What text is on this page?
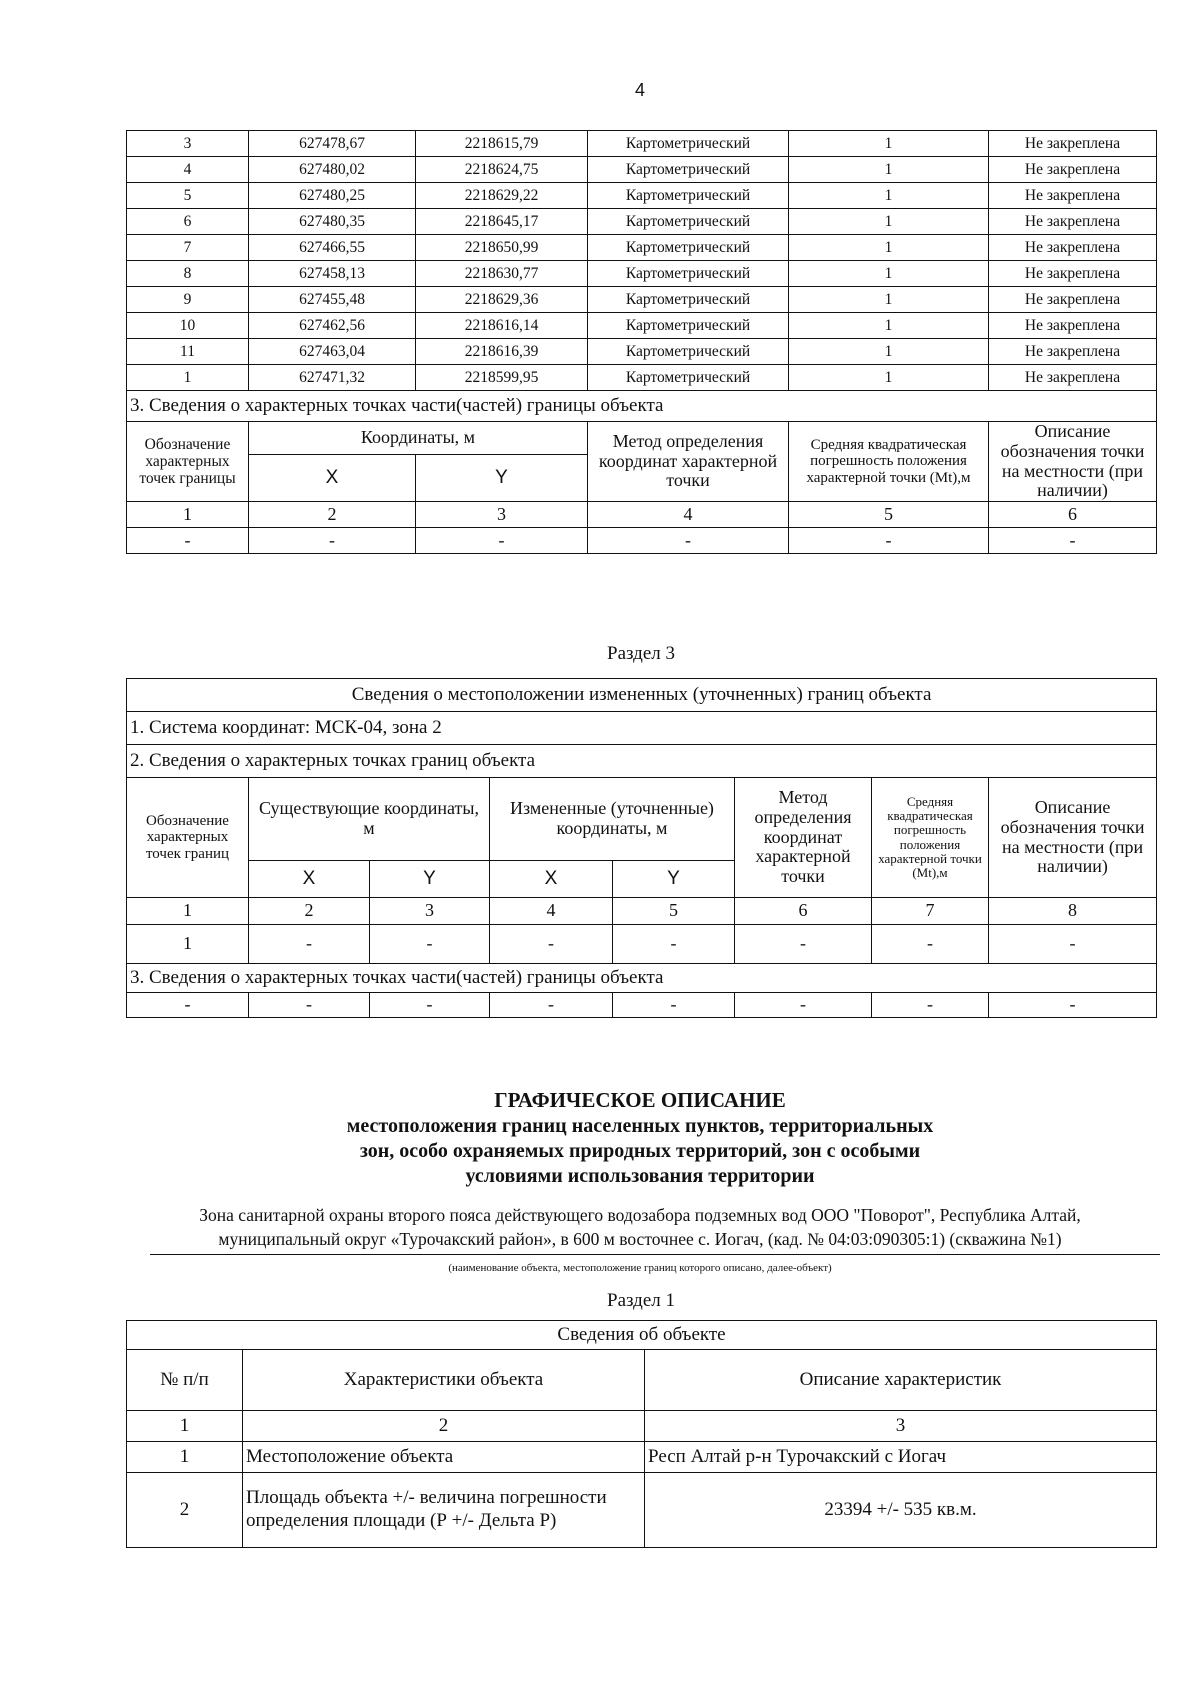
4
3	627478,67	2218615,79	Картометрический	1	Не закреплена
4	627480,02	2218624,75	Картометрический	1	Не закреплена
5	627480,25	2218629,22	Картометрический	1	Не закреплена
6	627480,35	2218645,17	Картометрический	1	Не закреплена
7	627466,55	2218650,99	Картометрический	1	Не закреплена
8	627458,13	2218630,77	Картометрический	1	Не закреплена
9	627455,48	2218629,36	Картометрический	1	Не закреплена
10	627462,56	2218616,14	Картометрический	1	Не закреплена
11	627463,04	2218616,39	Картометрический	1	Не закреплена
1	627471,32	2218599,95	Картометрический	1	Не закреплена
3. Сведения о характерных точках части(частей) границы объекта					
Обозначение характерных точек границы	Координаты, м		Метод определения координат характерной точки	Средняя квадратическая погрешность положения характерной точки (Mt),м	Описание обозначения точки на местности (при наличии)
	X	Y			
1	2	3	4	5	6
-	-	-	-	-	-
Раздел 3
Сведения о местоположении измененных (уточненных) границ объекта							
1. Система координат: МСК-04, зона 2							
2. Сведения о характерных точках границ объекта							
Обозначение характерных точек границ	Существующие координаты, м		Измененные (уточненные) координаты, м		Метод определения координат характерной точки	Средняя квадратическая погрешность положения характерной точки (Mt),м	Описание обозначения точки на местности (при наличии)
	X	Y	X	Y			
1	2	3	4	5	6	7	8
1	-	-	-	-	-	-	-
3. Сведения о характерных точках части(частей) границы объекта							
-	-	-	-	-	-	-	-
ГРАФИЧЕСКОЕ ОПИСАНИЕ
местоположения границ населенных пунктов, территориальных
зон, особо охраняемых природных территорий, зон с особыми
условиями использования территории
Зона санитарной охраны второго пояса действующего водозабора подземных вод ООО "Поворот", Республика Алтай,
муниципальный округ «Турочакский район», в 600 м восточнее с. Иогач, (кад. № 04:03:090305:1) (скважина №1)
(наименование объекта, местоположение границ которого описано, далее-объект)
Раздел 1
Сведения об объекте		
№ п/п	Характеристики объекта	Описание характеристик
1	2	3
1	Местоположение объекта	Респ Алтай р-н Турочакский с Иогач
2	Площадь объекта +/- величина погрешности определения площади (Р +/- Дельта Р)	23394 +/- 535 кв.м.
